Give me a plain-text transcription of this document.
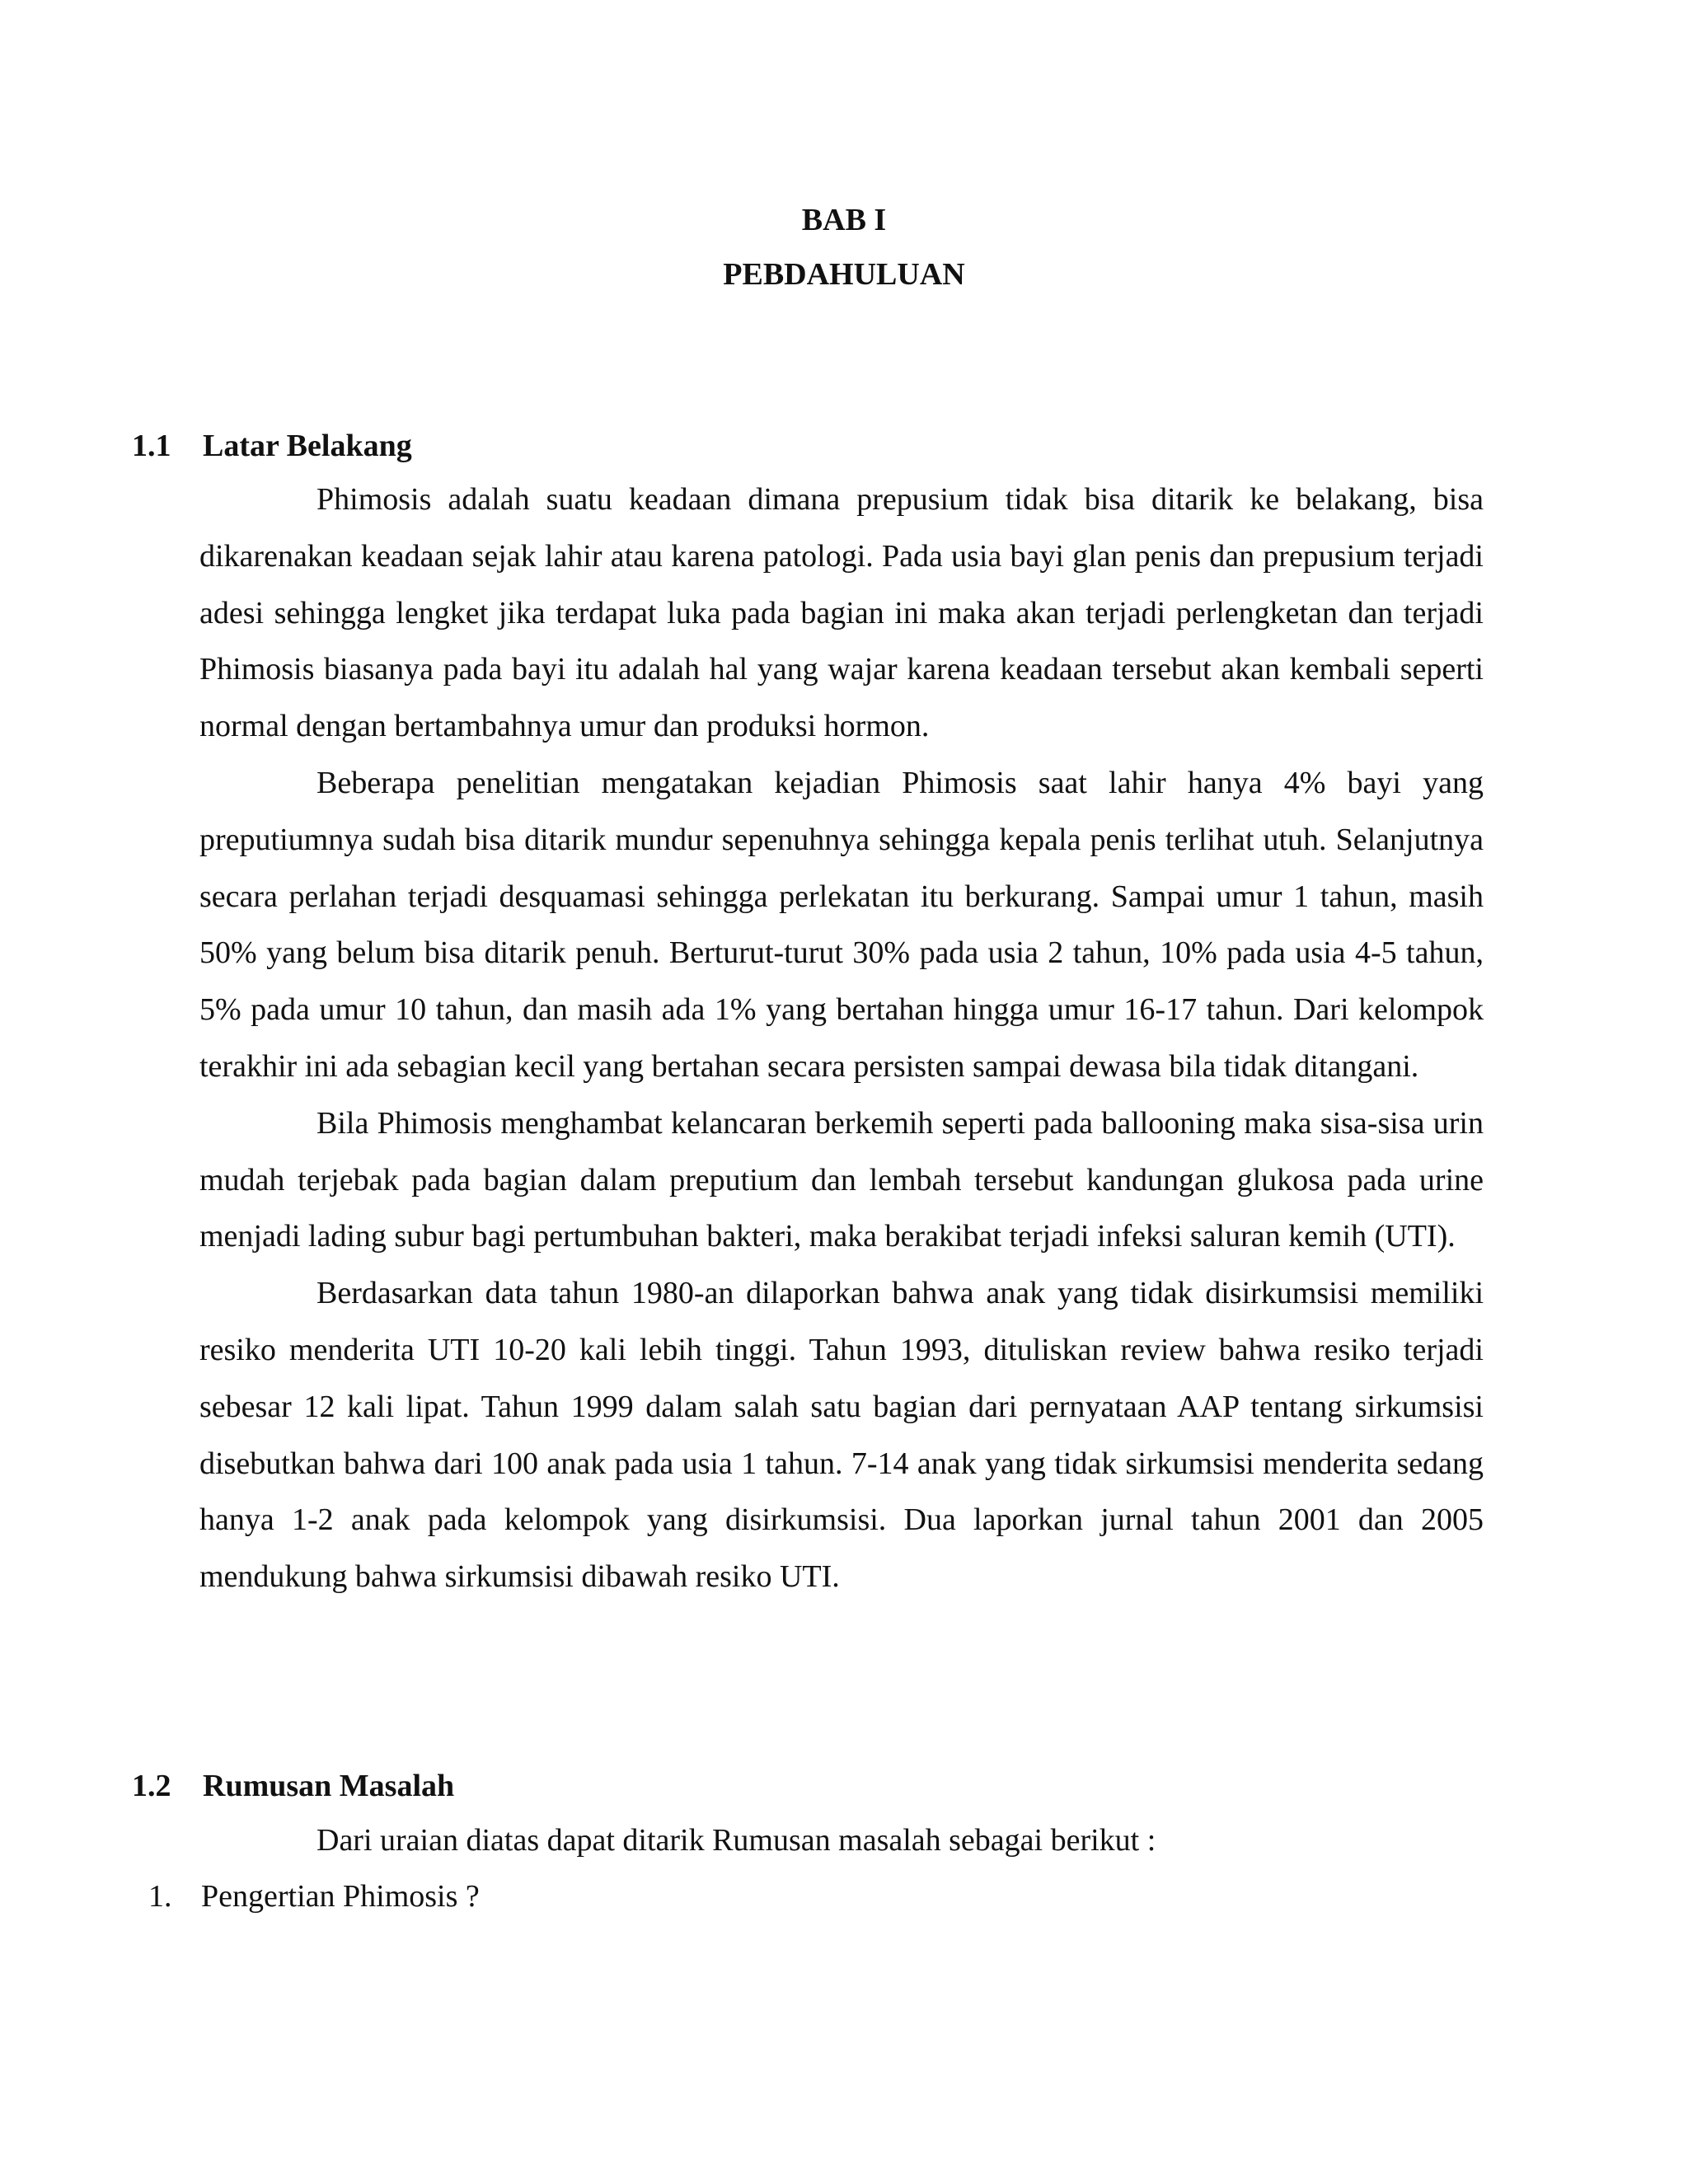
BAB I
PEBDAHULUAN
1.1 Latar Belakang

Phimosis adalah suatu keadaan dimana prepusium tidak bisa ditarik ke belakang, bisa dikarenakan keadaan sejak lahir atau karena patologi. Pada usia bayi glan penis dan prepusium terjadi adesi sehingga lengket jika terdapat luka pada bagian ini maka akan terjadi perlengketan dan terjadi Phimosis biasanya pada bayi itu adalah hal yang wajar karena keadaan tersebut akan kembali seperti normal dengan bertambahnya umur dan produksi hormon.

Beberapa penelitian mengatakan kejadian Phimosis saat lahir hanya 4% bayi yang preputiumnya sudah bisa ditarik mundur sepenuhnya sehingga kepala penis terlihat utuh. Selanjutnya secara perlahan terjadi desquamasi sehingga perlekatan itu berkurang. Sampai umur 1 tahun, masih 50% yang belum bisa ditarik penuh. Berturut-turut 30% pada usia 2 tahun, 10% pada usia 4-5 tahun, 5% pada umur 10 tahun, dan masih ada 1% yang bertahan hingga umur 16-17 tahun. Dari kelompok terakhir ini ada sebagian kecil yang bertahan secara persisten sampai dewasa bila tidak ditangani.

Bila Phimosis menghambat kelancaran berkemih seperti pada ballooning maka sisa-sisa urin mudah terjebak pada bagian dalam preputium dan lembah tersebut kandungan glukosa pada urine menjadi lading subur bagi pertumbuhan bakteri, maka berakibat terjadi infeksi saluran kemih (UTI).

Berdasarkan data tahun 1980-an dilaporkan bahwa anak yang tidak disirkumsisi memiliki resiko menderita UTI 10-20 kali lebih tinggi. Tahun 1993, dituliskan review bahwa resiko terjadi sebesar 12 kali lipat. Tahun 1999 dalam salah satu bagian dari pernyataan AAP tentang sirkumsisi disebutkan bahwa dari 100 anak pada usia 1 tahun. 7-14 anak yang tidak sirkumsisi menderita sedang hanya 1-2 anak pada kelompok yang disirkumsisi. Dua laporkan jurnal tahun 2001 dan 2005 mendukung bahwa sirkumsisi dibawah resiko UTI.

1.2 Rumusan Masalah

Dari uraian diatas dapat ditarik Rumusan masalah sebagai berikut :

1. Pengertian Phimosis ?
